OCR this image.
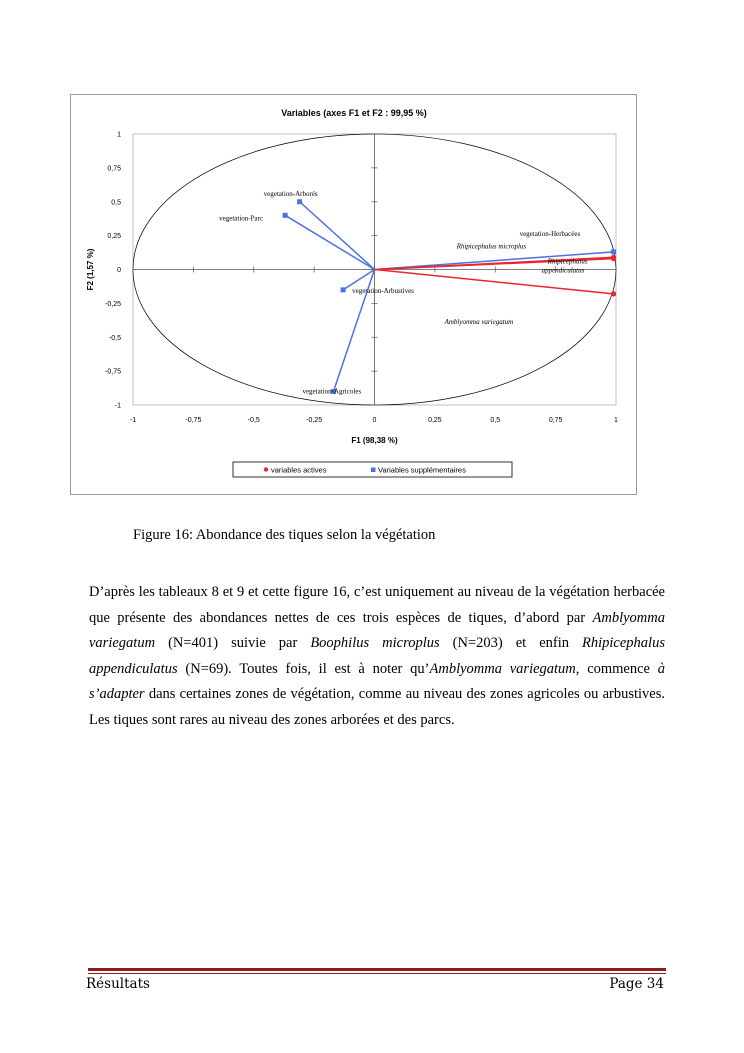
Variables (axes F1 et F2 : 99,95 %)
-1	-0,75	-0,5	-0,25	0	0,25	0,5	0,75	1
1
0,75
0,5
0,25
0
-0,25
-0,5
-0,75
-1
F1 (98,38 %)
F2 (1,57 %)
vegetation-Arborés
vegetation-Parc
vegetation-Herbacées
vegetation-Arbustives
vegetation-Agricoles
Rhipicephalus microplus
Rhipicephalus appendiculatus
Amblyomma variegatum
variables actives	Variables supplémentaires
Figure 16: Abondance des tiques selon la végétation

D’après les tableaux 8 et 9 et cette figure 16, c’est uniquement au niveau de la végétation herbacée que présente des abondances nettes de ces trois espèces de tiques, d’abord par Amblyomma variegatum (N=401) suivie par Boophilus microplus (N=203) et enfin Rhipicephalus appendiculatus (N=69). Toutes fois, il est à noter qu’Amblyomma variegatum, commence à s’adapter dans certaines zones de végétation, comme au niveau des zones agricoles ou arbustives. Les tiques sont rares au niveau des zones arborées et des parcs.

Résultats	Page 34
